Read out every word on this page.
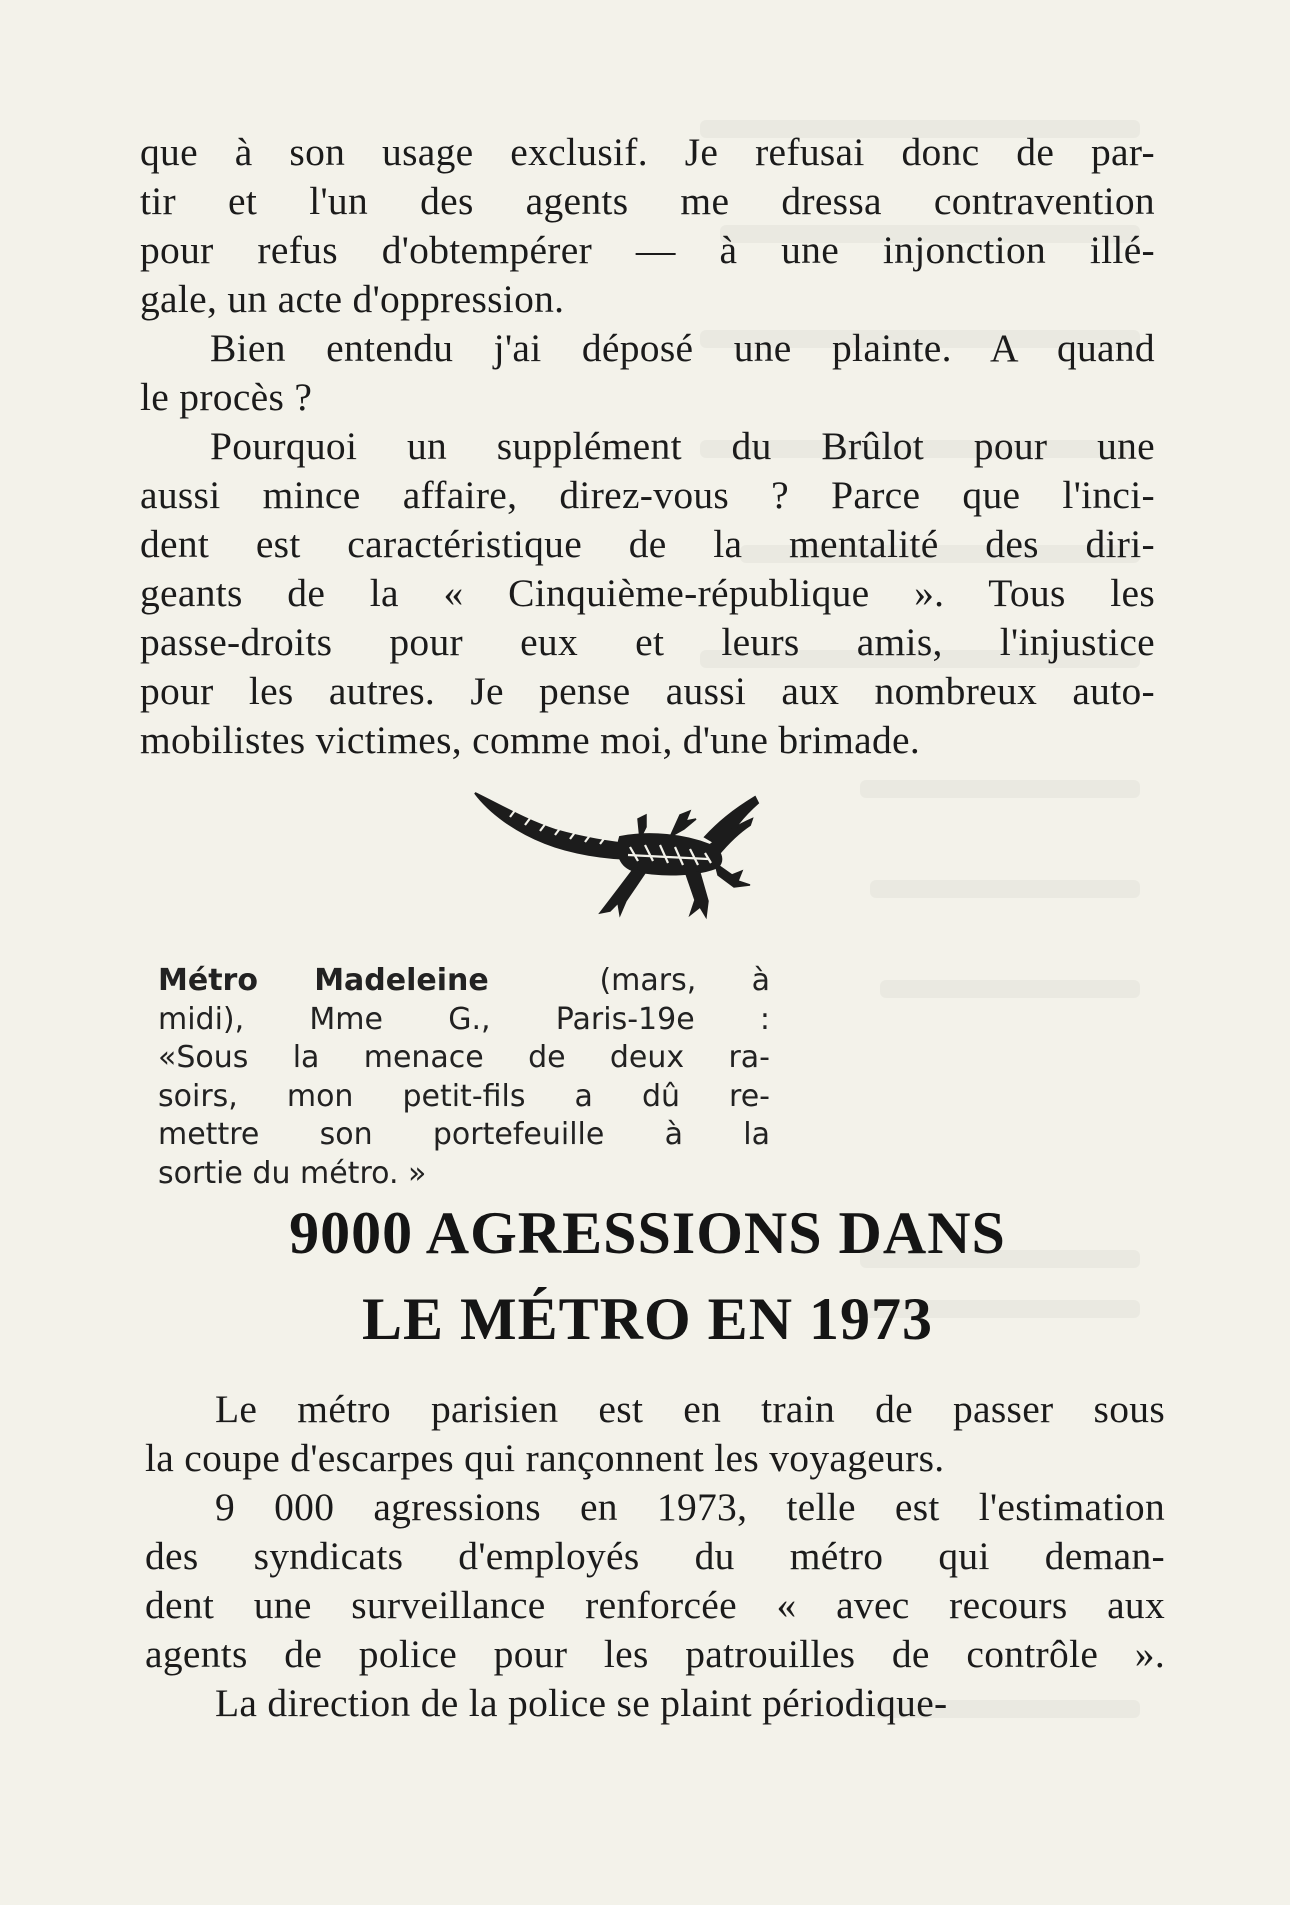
que à son usage exclusif. Je refusai donc de par-
tir et l'un des agents me dressa contravention
pour refus d'obtempérer — à une injonction illé-
gale, un acte d'oppression.
Bien entendu j'ai déposé une plainte. A quand
le procès ?
Pourquoi un supplément du Brûlot pour une
aussi mince affaire, direz-vous ? Parce que l'inci-
dent est caractéristique de la mentalité des diri-
geants de la « Cinquième-république ». Tous les
passe-droits pour eux et leurs amis, l'injustice
pour les autres. Je pense aussi aux nombreux auto-
mobilistes victimes, comme moi, d'une brimade.
Métro Madeleine	(mars, à
midi), Mme G., Paris-19e :
«Sous la menace de deux ra-
soirs, mon petit-fils a dû re-
mettre son portefeuille à la
sortie du métro. »
9000 AGRESSIONS DANS
LE MÉTRO EN 1973
Le métro parisien est en train de passer sous
la coupe d'escarpes qui rançonnent les voyageurs.
9 000 agressions en 1973, telle est l'estimation
des syndicats d'employés du métro qui deman-
dent une surveillance renforcée « avec recours aux
agents de police pour les patrouilles de contrôle ».
La direction de la police se plaint périodique-
